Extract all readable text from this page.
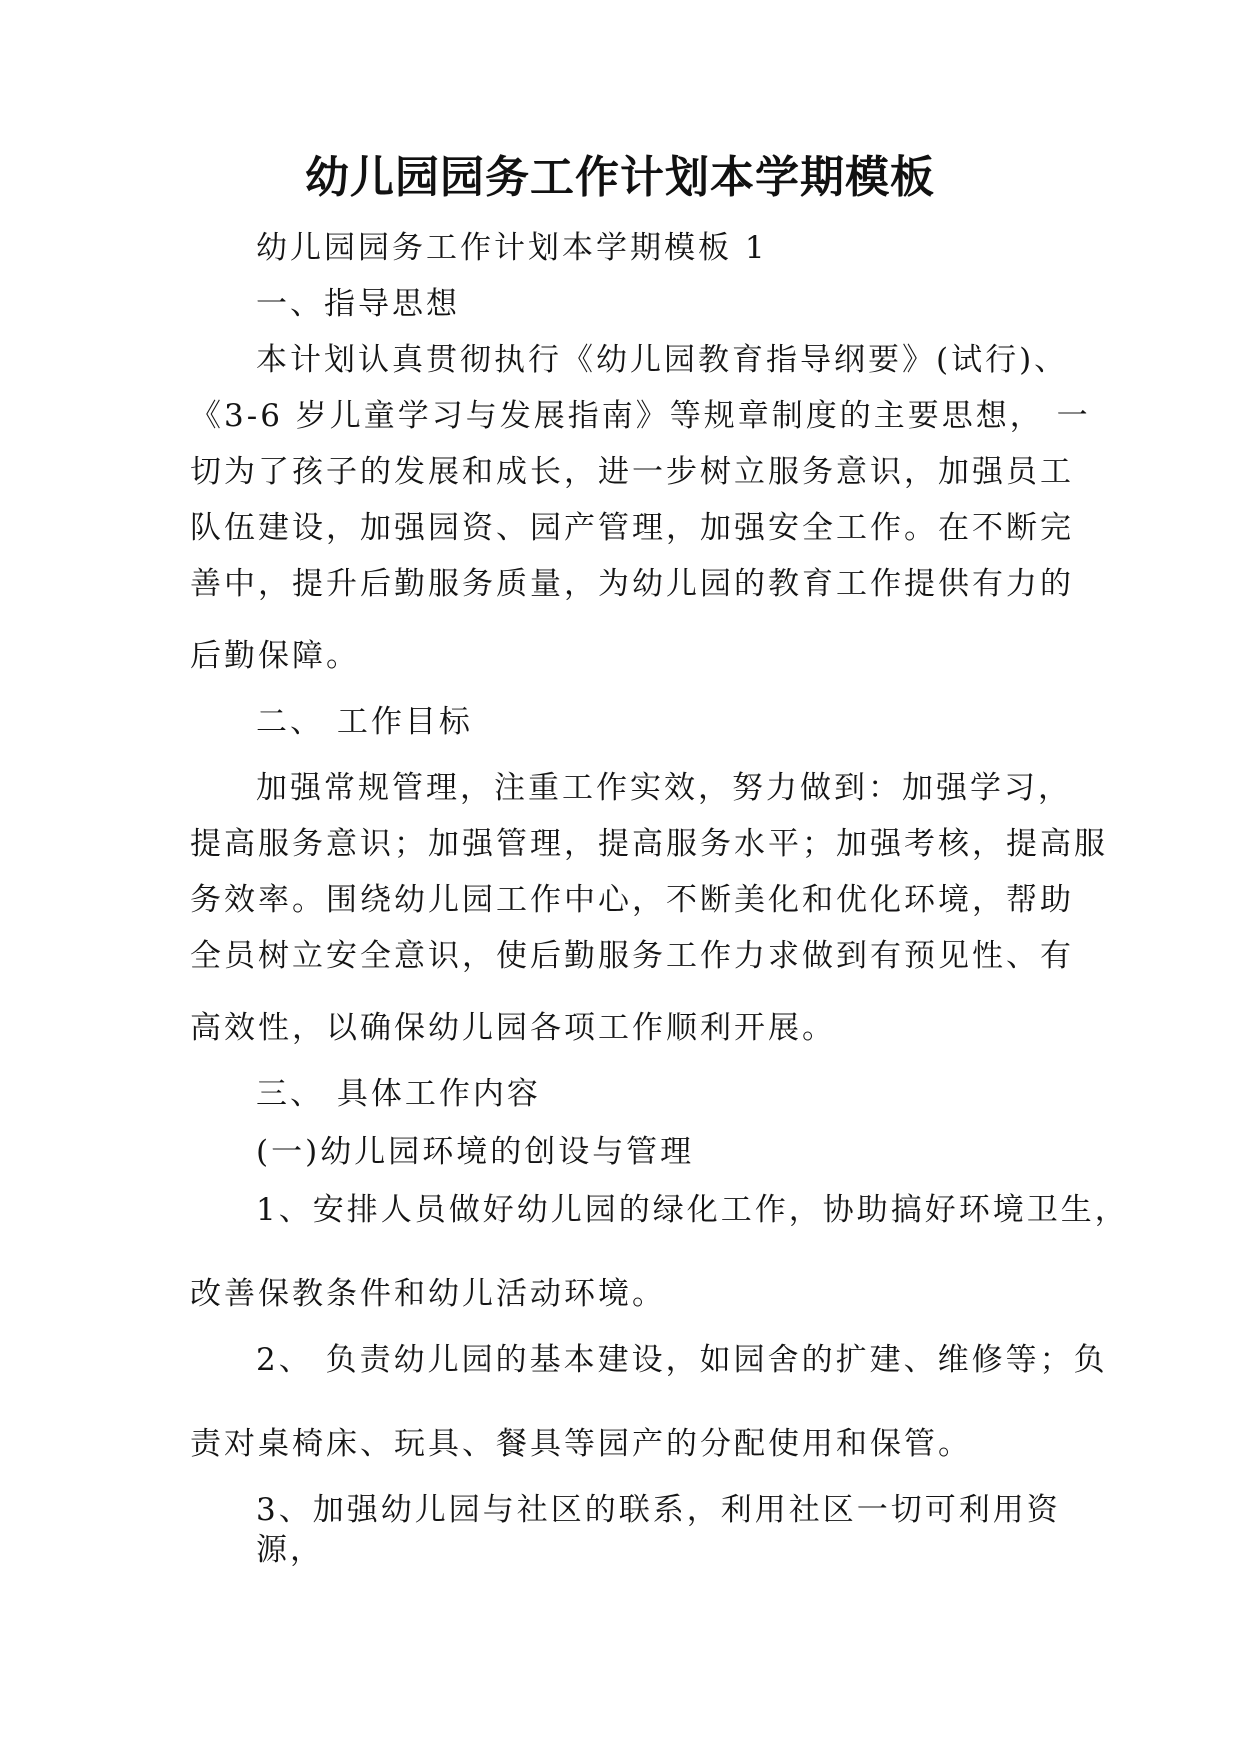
幼儿园园务工作计划本学期模板
幼儿园园务工作计划本学期模板 1
一、指导思想
本计划认真贯彻执行《幼儿园教育指导纲要》(试行)、
《3-6 岁儿童学习与发展指南》等规章制度的主要思想， 一
切为了孩子的发展和成长，进一步树立服务意识，加强员工
队伍建设，加强园资、园产管理，加强安全工作。在不断完
善中，提升后勤服务质量，为幼儿园的教育工作提供有力的
后勤保障。
二、 工作目标
加强常规管理，注重工作实效，努力做到：加强学习，
提高服务意识；加强管理，提高服务水平；加强考核，提高服
务效率。围绕幼儿园工作中心，不断美化和优化环境，帮助
全员树立安全意识，使后勤服务工作力求做到有预见性、有
高效性，以确保幼儿园各项工作顺利开展。
三、 具体工作内容
(一)幼儿园环境的创设与管理
1、安排人员做好幼儿园的绿化工作，协助搞好环境卫生，
改善保教条件和幼儿活动环境。
2、 负责幼儿园的基本建设，如园舍的扩建、维修等；负
责对桌椅床、玩具、餐具等园产的分配使用和保管。
3、加强幼儿园与社区的联系，利用社区一切可利用资
源，
